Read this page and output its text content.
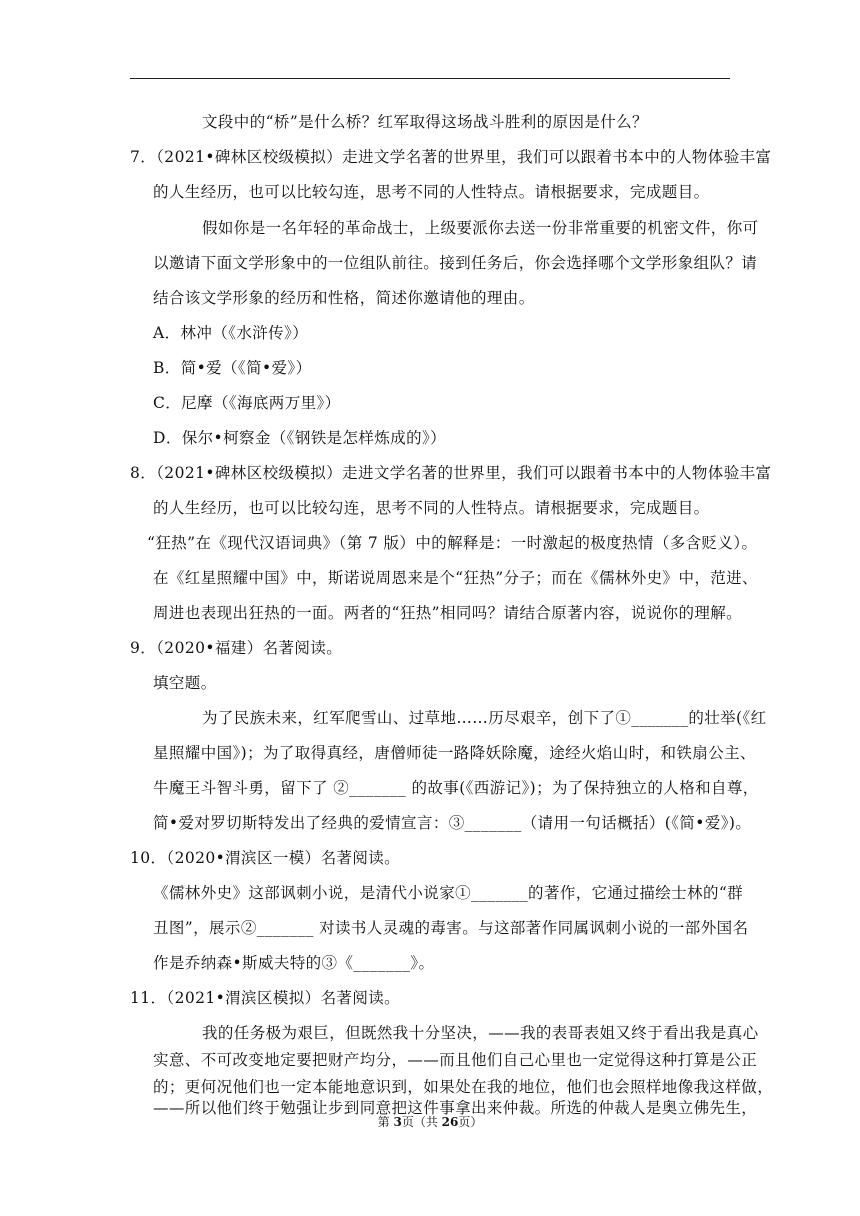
文段中的“桥”是什么桥？红军取得这场战斗胜利的原因是什么？
7．（2021•碑林区校级模拟）走进文学名著的世界里，我们可以跟着书本中的人物体验丰富
的人生经历，也可以比较勾连，思考不同的人性特点。请根据要求，完成题目。
假如你是一名年轻的革命战士，上级要派你去送一份非常重要的机密文件，你可
以邀请下面文学形象中的一位组队前往。接到任务后，你会选择哪个文学形象组队？请
结合该文学形象的经历和性格，简述你邀请他的理由。
A．林冲（《水浒传》）
B．简•爱（《简•爱》）
C．尼摩（《海底两万里》）
D．保尔•柯察金（《钢铁是怎样炼成的》）
8．（2021•碑林区校级模拟）走进文学名著的世界里，我们可以跟着书本中的人物体验丰富
的人生经历，也可以比较勾连，思考不同的人性特点。请根据要求，完成题目。
“狂热”在《现代汉语词典》（第 7 版）中的解释是：一时激起的极度热情（多含贬义）。
在《红星照耀中国》中，斯诺说周恩来是个“狂热”分子；而在《儒林外史》中，范进、
周进也表现出狂热的一面。两者的“狂热”相同吗？请结合原著内容，说说你的理解。
9．（2020•福建）名著阅读。
填空题。
为了民族未来，红军爬雪山、过草地……历尽艰辛，创下了①_______的壮举(《红
星照耀中国》)；为了取得真经，唐僧师徒一路降妖除魔，途经火焰山时，和铁扇公主、
牛魔王斗智斗勇，留下了 ②_______ 的故事(《西游记》)；为了保持独立的人格和自尊，
简•爱对罗切斯特发出了经典的爱情宣言：③_______（请用一句话概括）(《简•爱》)。
10．（2020•渭滨区一模）名著阅读。
《儒林外史》这部讽刺小说，是清代小说家①_______的著作，它通过描绘士林的“群
丑图”，展示②_______ 对读书人灵魂的毒害。与这部著作同属讽刺小说的一部外国名
作是乔纳森•斯威夫特的③《_______》。
11．（2021•渭滨区模拟）名著阅读。
我的任务极为艰巨，但既然我十分坚决，——我的表哥表姐又终于看出我是真心
实意、不可改变地定要把财产均分，——而且他们自己心里也一定觉得这种打算是公正
的；更何况他们也一定本能地意识到，如果处在我的地位，他们也会照样地像我这样做，
——所以他们终于勉强让步到同意把这件事拿出来仲裁。所选的仲裁人是奥立佛先生，
第 3页（共 26页）
